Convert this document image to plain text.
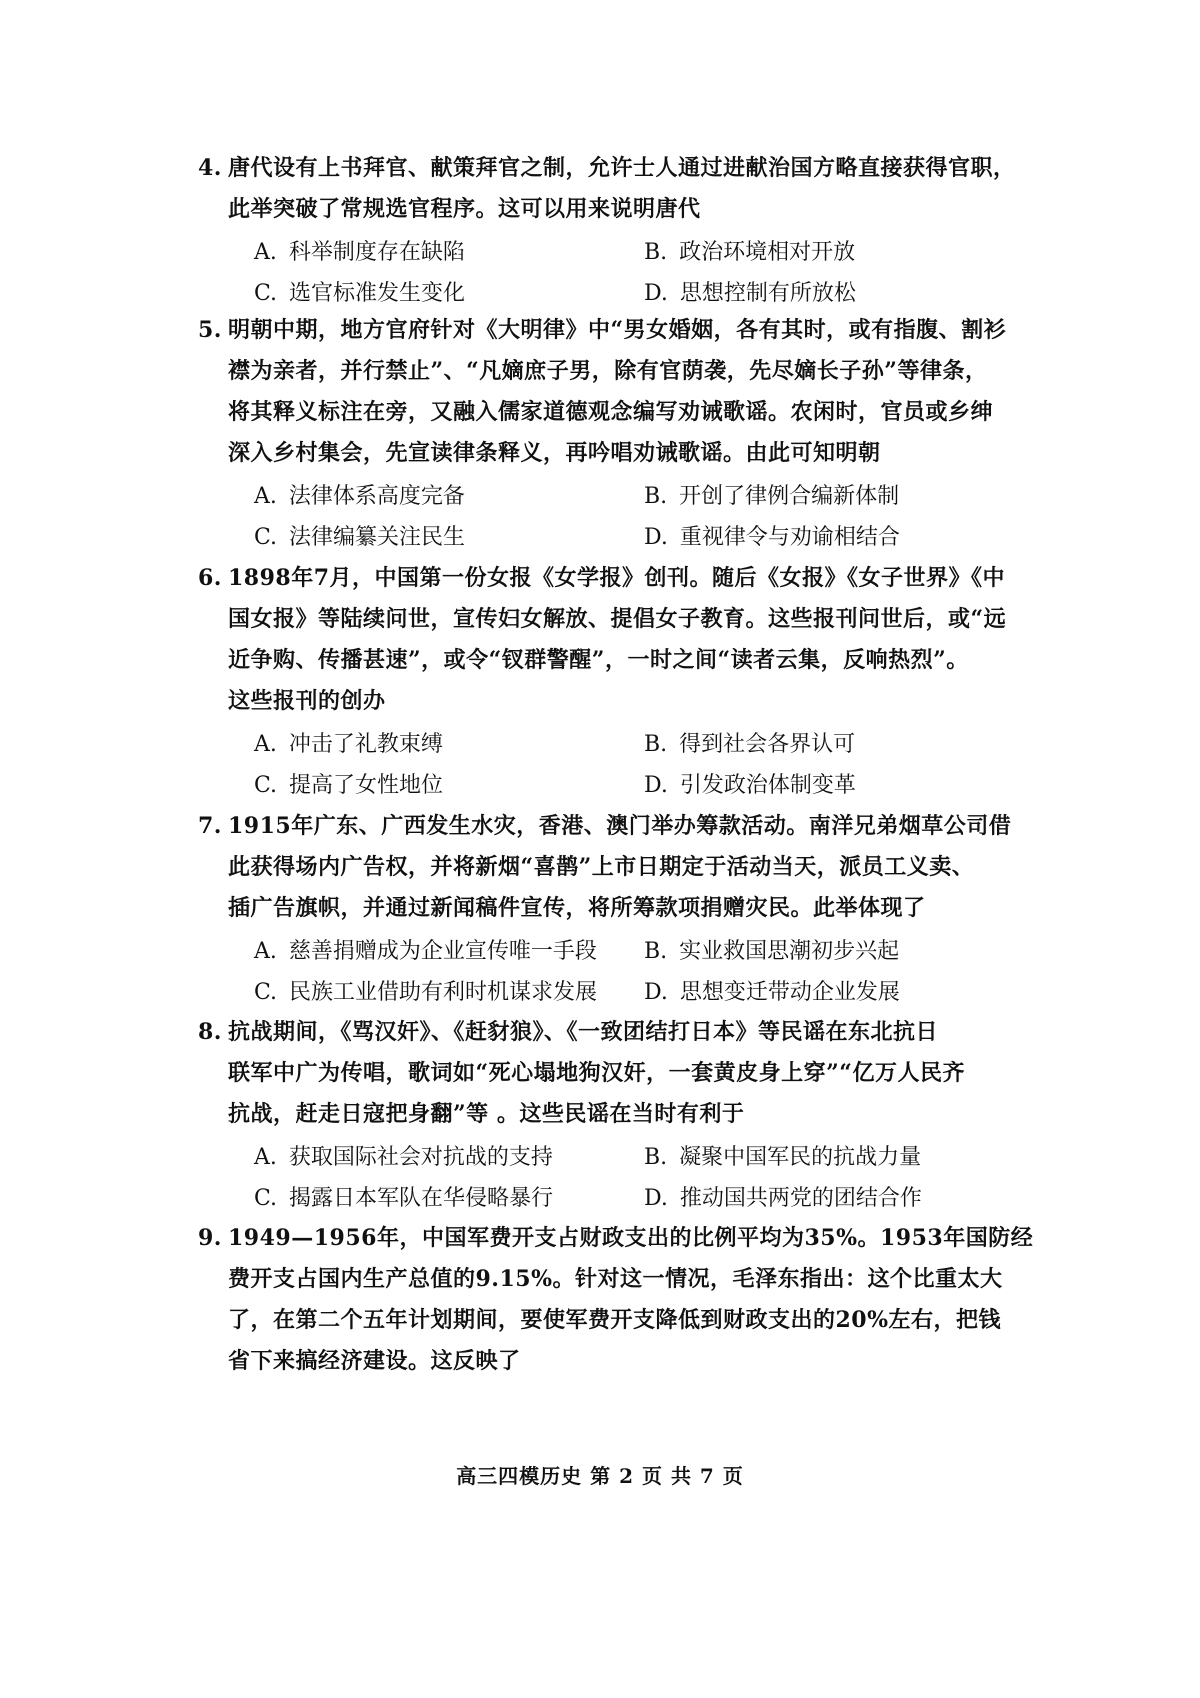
4. 唐代设有上书拜官、献策拜官之制，允许士人通过进献治国方略直接获得官职，
此举突破了常规选官程序。这可以用来说明唐代
A. 科举制度存在缺陷	B. 政治环境相对开放
C. 选官标准发生变化	D. 思想控制有所放松
5. 明朝中期，地方官府针对《大明律》中“男女婚姻，各有其时，或有指腹、割衫
襟为亲者，并行禁止”、“凡嫡庶子男，除有官荫袭，先尽嫡长子孙”等律条，
将其释义标注在旁，又融入儒家道德观念编写劝诫歌谣。农闲时，官员或乡绅
深入乡村集会，先宣读律条释义，再吟唱劝诫歌谣。由此可知明朝
A. 法律体系高度完备	B. 开创了律例合编新体制
C. 法律编纂关注民生	D. 重视律令与劝谕相结合
6. 1898年7月，中国第一份女报《女学报》创刊。随后《女报》《女子世界》《中
国女报》等陆续问世，宣传妇女解放、提倡女子教育。这些报刊问世后，或“远
近争购、传播甚速”，或令“钗群警醒”，一时之间“读者云集，反响热烈”。
这些报刊的创办
A. 冲击了礼教束缚	B. 得到社会各界认可
C. 提高了女性地位	D. 引发政治体制变革
7. 1915年广东、广西发生水灾，香港、澳门举办筹款活动。南洋兄弟烟草公司借
此获得场内广告权，并将新烟“喜鹊”上市日期定于活动当天，派员工义卖、
插广告旗帜，并通过新闻稿件宣传，将所筹款项捐赠灾民。此举体现了
A. 慈善捐赠成为企业宣传唯一手段	B. 实业救国思潮初步兴起
C. 民族工业借助有利时机谋求发展	D. 思想变迁带动企业发展
8. 抗战期间，《骂汉奸》、《赶豺狼》、《一致团结打日本》等民谣在东北抗日
联军中广为传唱，歌词如“死心塌地狗汉奸，一套黄皮身上穿”“亿万人民齐
抗战，赶走日寇把身翻”等 。这些民谣在当时有利于
A. 获取国际社会对抗战的支持	B. 凝聚中国军民的抗战力量
C. 揭露日本军队在华侵略暴行	D. 推动国共两党的团结合作
9. 1949—1956年，中国军费开支占财政支出的比例平均为35%。1953年国防经
费开支占国内生产总值的9.15%。针对这一情况，毛泽东指出：这个比重太大
了，在第二个五年计划期间，要使军费开支降低到财政支出的20%左右，把钱
省下来搞经济建设。这反映了
高三四模历史 第 2 页 共 7 页
